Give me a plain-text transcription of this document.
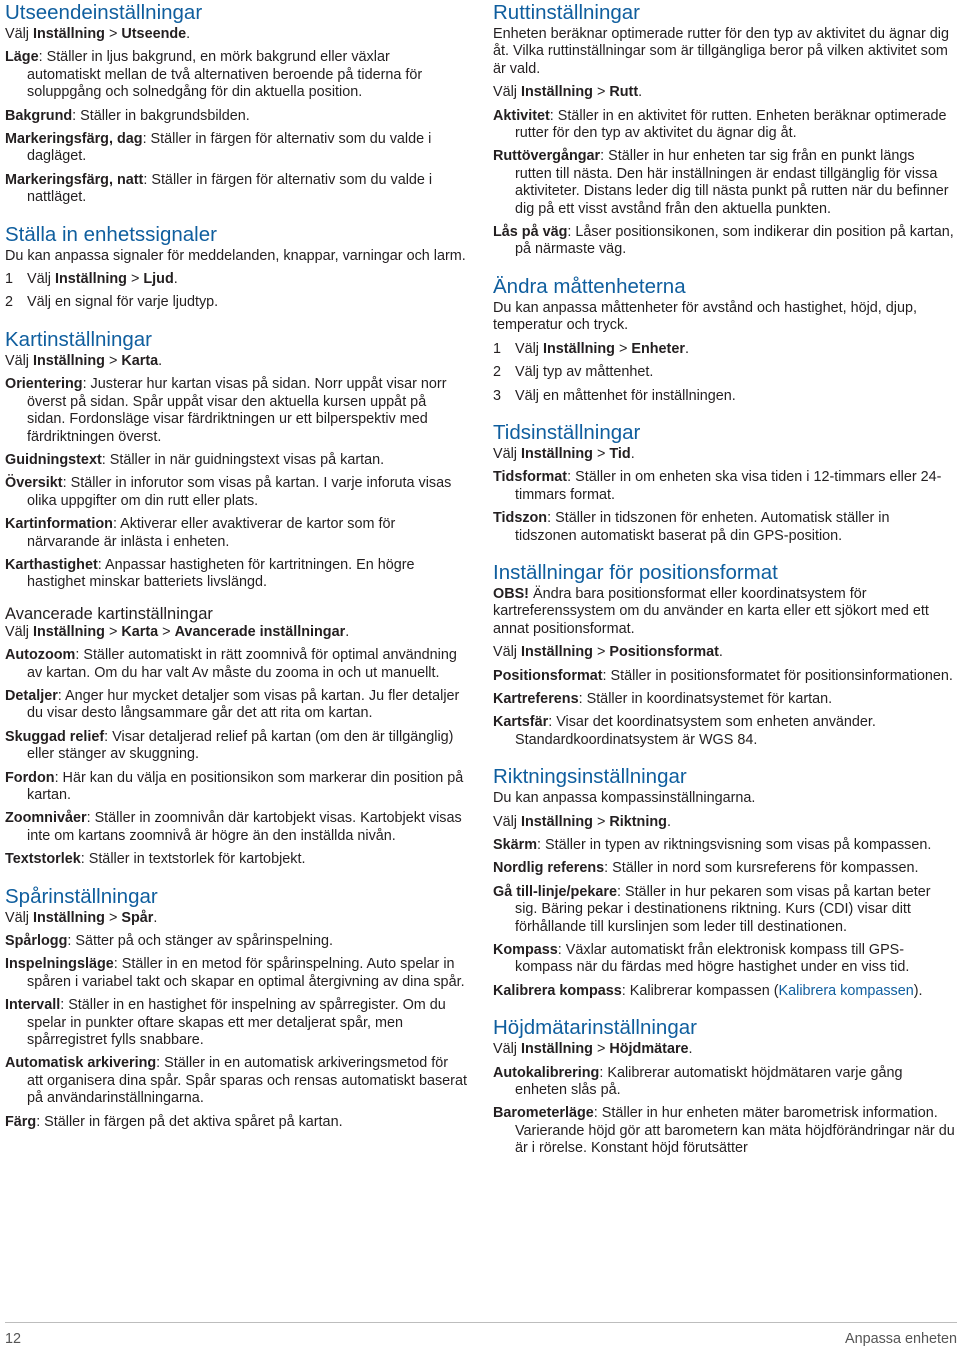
Utseendeinställningar
Välj Inställning > Utseende.
Läge: Ställer in ljus bakgrund, en mörk bakgrund eller växlar automatiskt mellan de två alternativen beroende på tiderna för soluppgång och solnedgång för din aktuella position.
Bakgrund: Ställer in bakgrundsbilden.
Markeringsfärg, dag: Ställer in färgen för alternativ som du valde i dagläget.
Markeringsfärg, natt: Ställer in färgen för alternativ som du valde i nattläget.
Ställa in enhetssignaler
Du kan anpassa signaler för meddelanden, knappar, varningar och larm.
1 Välj Inställning > Ljud.
2 Välj en signal för varje ljudtyp.
Kartinställningar
Välj Inställning > Karta.
Orientering: Justerar hur kartan visas på sidan. Norr uppåt visar norr överst på sidan. Spår uppåt visar den aktuella kursen uppåt på sidan. Fordonsläge visar färdriktningen ur ett bilperspektiv med färdriktningen överst.
Guidningstext: Ställer in när guidningstext visas på kartan.
Översikt: Ställer in inforutor som visas på kartan. I varje inforuta visas olika uppgifter om din rutt eller plats.
Kartinformation: Aktiverar eller avaktiverar de kartor som för närvarande är inlästa i enheten.
Karthastighet: Anpassar hastigheten för kartritningen. En högre hastighet minskar batteriets livslängd.
Avancerade kartinställningar
Välj Inställning > Karta > Avancerade inställningar.
Autozoom: Ställer automatiskt in rätt zoomnivå för optimal användning av kartan. Om du har valt Av måste du zooma in och ut manuellt.
Detaljer: Anger hur mycket detaljer som visas på kartan. Ju fler detaljer du visar desto långsammare går det att rita om kartan.
Skuggad relief: Visar detaljerad relief på kartan (om den är tillgänglig) eller stänger av skuggning.
Fordon: Här kan du välja en positionsikon som markerar din position på kartan.
Zoomnivåer: Ställer in zoomnivån där kartobjekt visas. Kartobjekt visas inte om kartans zoomnivå är högre än den inställda nivån.
Textstorlek: Ställer in textstorlek för kartobjekt.
Spårinställningar
Välj Inställning > Spår.
Spårlogg: Sätter på och stänger av spårinspelning.
Inspelningsläge: Ställer in en metod för spårinspelning. Auto spelar in spåren i variabel takt och skapar en optimal återgivning av dina spår.
Intervall: Ställer in en hastighet för inspelning av spårregister. Om du spelar in punkter oftare skapas ett mer detaljerat spår, men spårregistret fylls snabbare.
Automatisk arkivering: Ställer in en automatisk arkiveringsmetod för att organisera dina spår. Spår sparas och rensas automatiskt baserat på användarinställningarna.
Färg: Ställer in färgen på det aktiva spåret på kartan.
Ruttinställningar
Enheten beräknar optimerade rutter för den typ av aktivitet du ägnar dig åt. Vilka ruttinställningar som är tillgängliga beror på vilken aktivitet som är vald.
Välj Inställning > Rutt.
Aktivitet: Ställer in en aktivitet för rutten. Enheten beräknar optimerade rutter för den typ av aktivitet du ägnar dig åt.
Ruttövergångar: Ställer in hur enheten tar sig från en punkt längs rutten till nästa. Den här inställningen är endast tillgänglig för vissa aktiviteter. Distans leder dig till nästa punkt på rutten när du befinner dig på ett visst avstånd från den aktuella punkten.
Lås på väg: Låser positionsikonen, som indikerar din position på kartan, på närmaste väg.
Ändra måttenheterna
Du kan anpassa måttenheter för avstånd och hastighet, höjd, djup, temperatur och tryck.
1 Välj Inställning > Enheter.
2 Välj typ av måttenhet.
3 Välj en måttenhet för inställningen.
Tidsinställningar
Välj Inställning > Tid.
Tidsformat: Ställer in om enheten ska visa tiden i 12-timmars eller 24-timmars format.
Tidszon: Ställer in tidszonen för enheten. Automatisk ställer in tidszonen automatiskt baserat på din GPS-position.
Inställningar för positionsformat
OBS! Ändra bara positionsformat eller koordinatsystem för kartreferenssystem om du använder en karta eller ett sjökort med ett annat positionsformat.
Välj Inställning > Positionsformat.
Positionsformat: Ställer in positionsformatet för positionsinformationen.
Kartreferens: Ställer in koordinatsystemet för kartan.
Kartsfär: Visar det koordinatsystem som enheten använder. Standardkoordinatsystem är WGS 84.
Riktningsinställningar
Du kan anpassa kompassinställningarna.
Välj Inställning > Riktning.
Skärm: Ställer in typen av riktningsvisning som visas på kompassen.
Nordlig referens: Ställer in nord som kursreferens för kompassen.
Gå till-linje/pekare: Ställer in hur pekaren som visas på kartan beter sig. Bäring pekar i destinationens riktning. Kurs (CDI) visar ditt förhållande till kurslinjen som leder till destinationen.
Kompass: Växlar automatiskt från elektronisk kompass till GPS-kompass när du färdas med högre hastighet under en viss tid.
Kalibrera kompass: Kalibrerar kompassen (Kalibrera kompassen).
Höjdmätarinställningar
Välj Inställning > Höjdmätare.
Autokalibrering: Kalibrerar automatiskt höjdmätaren varje gång enheten slås på.
Barometerläge: Ställer in hur enheten mäter barometrisk information. Varierande höjd gör att barometern kan mäta höjdförändringar när du är i rörelse. Konstant höjd förutsätter
12	Anpassa enheten
